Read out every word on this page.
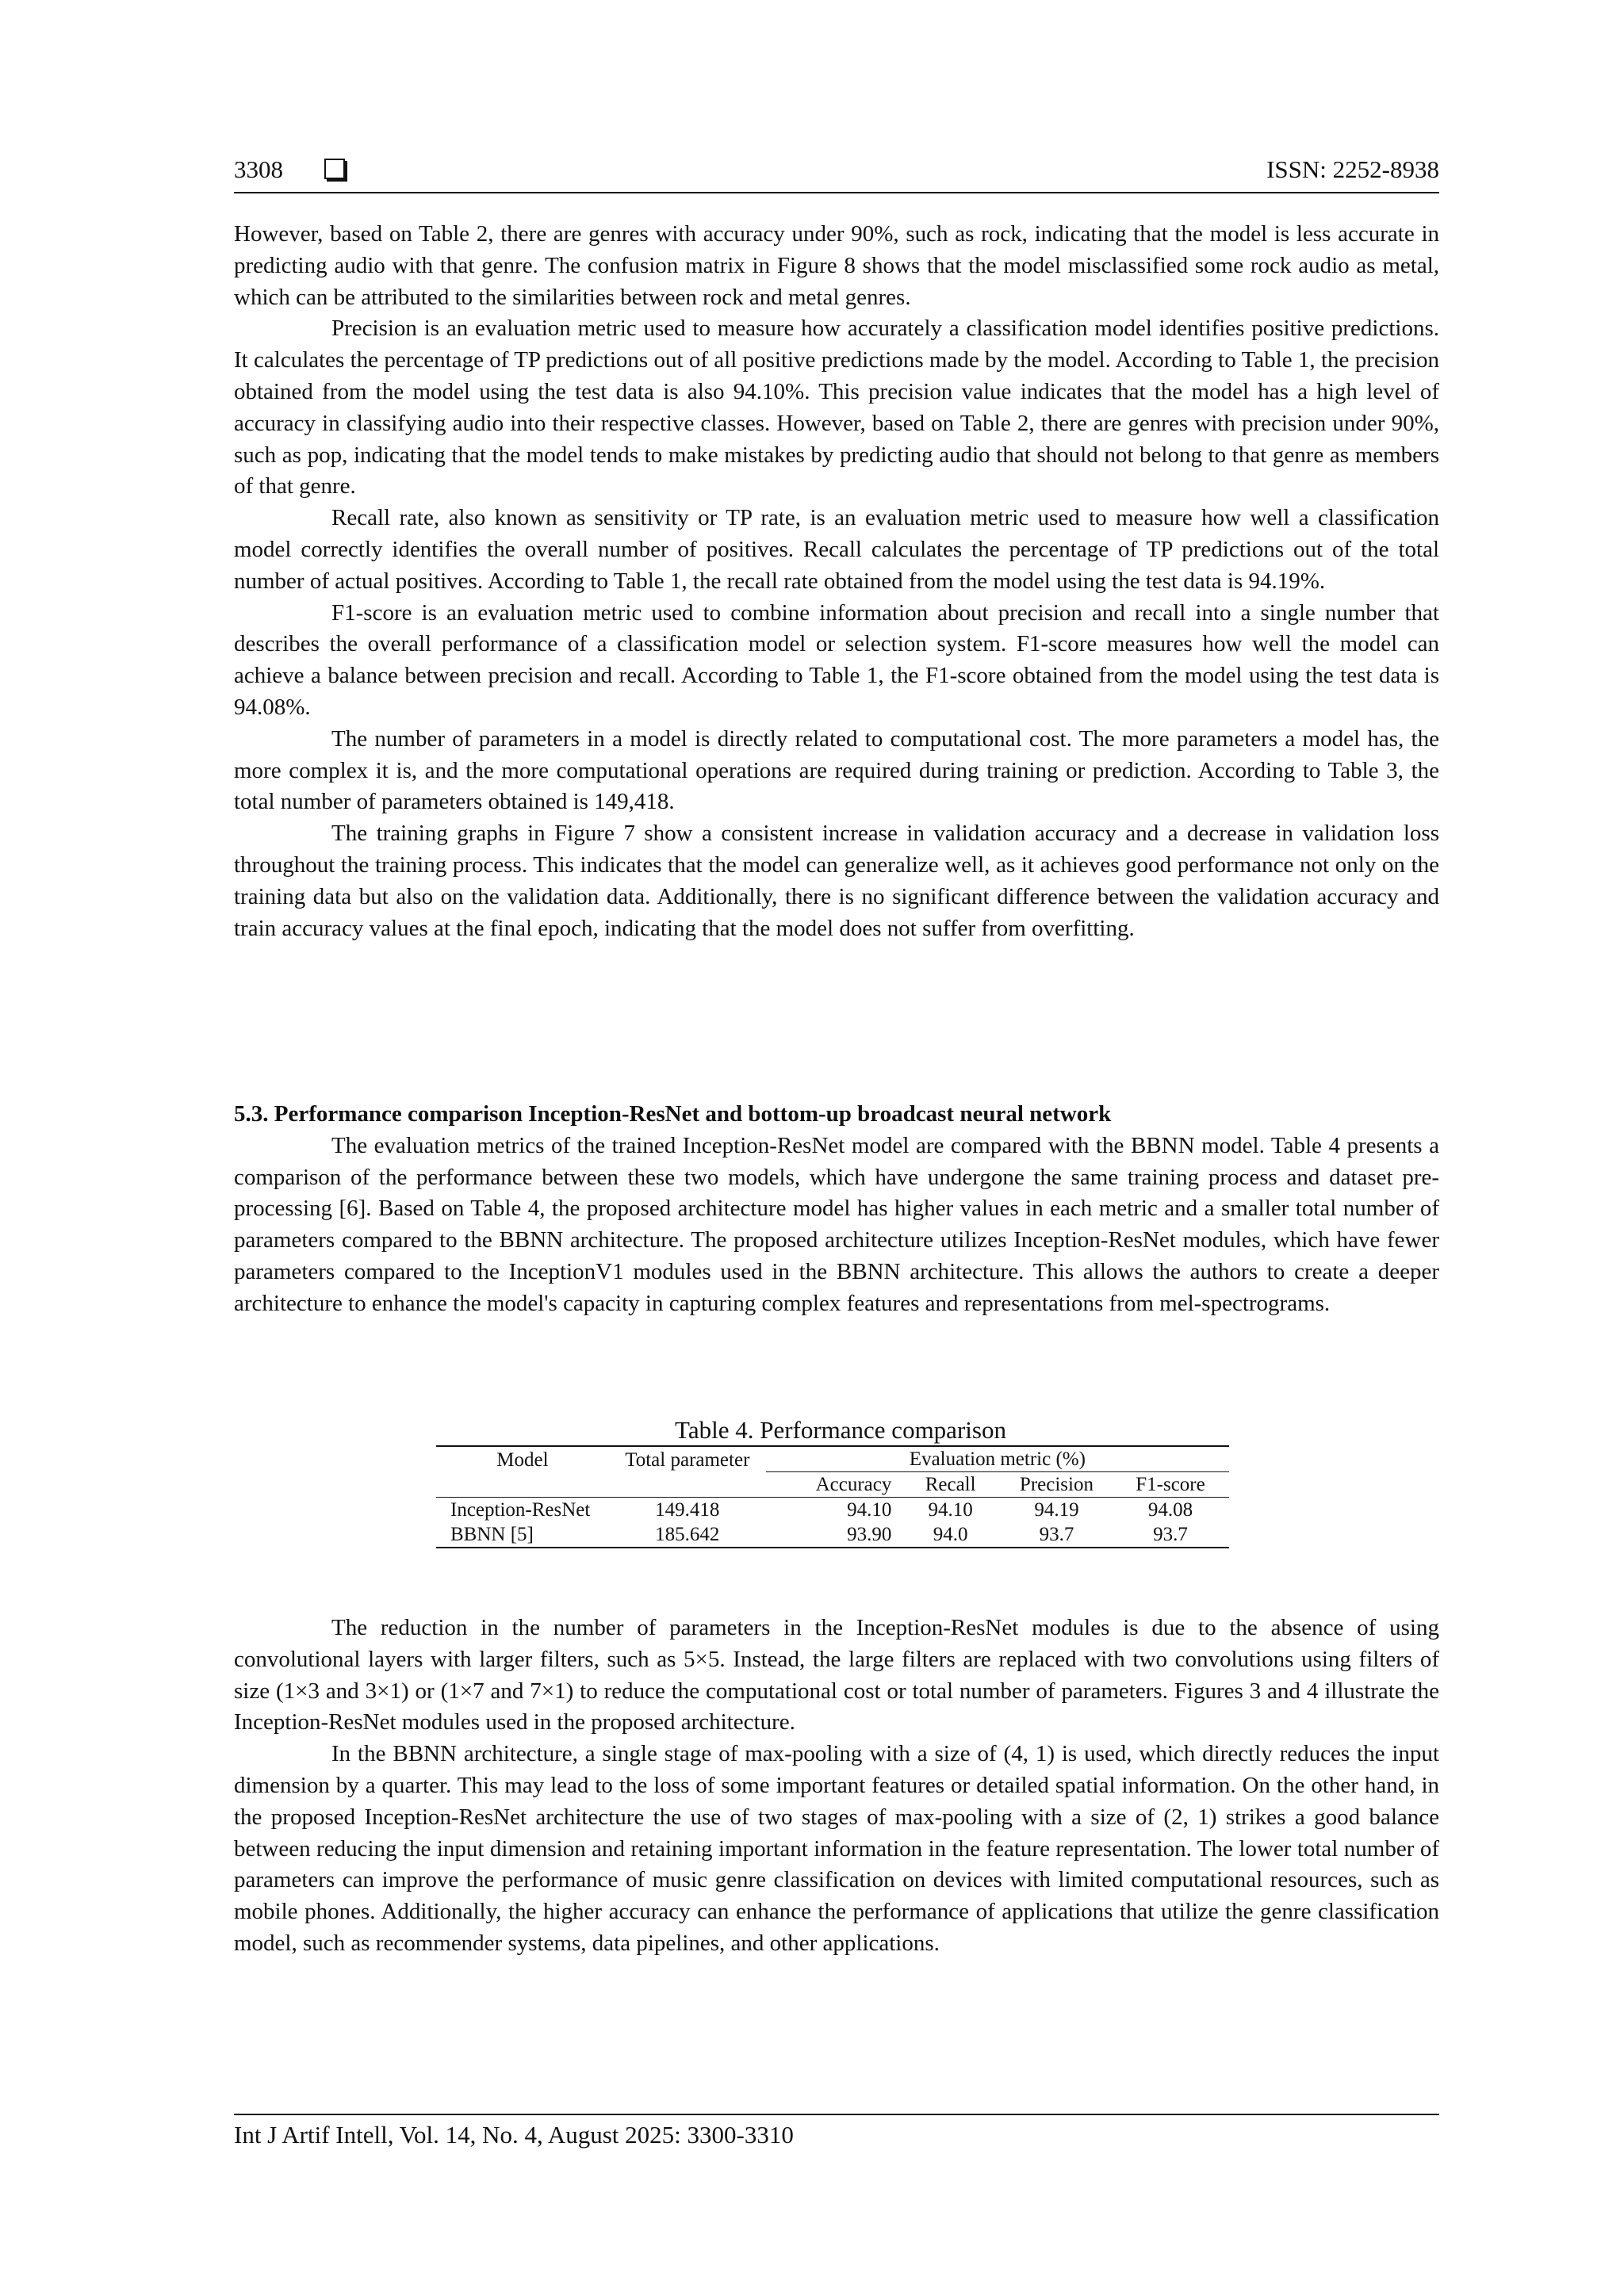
3308	ISSN: 2252-8938

However, based on Table 2, there are genres with accuracy under 90%, such as rock, indicating that the model is less accurate in predicting audio with that genre. The confusion matrix in Figure 8 shows that the model misclassified some rock audio as metal, which can be attributed to the similarities between rock and metal genres.

Precision is an evaluation metric used to measure how accurately a classification model identifies positive predictions. It calculates the percentage of TP predictions out of all positive predictions made by the model. According to Table 1, the precision obtained from the model using the test data is also 94.10%. This precision value indicates that the model has a high level of accuracy in classifying audio into their respective classes. However, based on Table 2, there are genres with precision under 90%, such as pop, indicating that the model tends to make mistakes by predicting audio that should not belong to that genre as members of that genre.

Recall rate, also known as sensitivity or TP rate, is an evaluation metric used to measure how well a classification model correctly identifies the overall number of positives. Recall calculates the percentage of TP predictions out of the total number of actual positives. According to Table 1, the recall rate obtained from the model using the test data is 94.19%.

F1-score is an evaluation metric used to combine information about precision and recall into a single number that describes the overall performance of a classification model or selection system. F1-score measures how well the model can achieve a balance between precision and recall. According to Table 1, the F1-score obtained from the model using the test data is 94.08%.

The number of parameters in a model is directly related to computational cost. The more parameters a model has, the more complex it is, and the more computational operations are required during training or prediction. According to Table 3, the total number of parameters obtained is 149,418.

The training graphs in Figure 7 show a consistent increase in validation accuracy and a decrease in validation loss throughout the training process. This indicates that the model can generalize well, as it achieves good performance not only on the training data but also on the validation data. Additionally, there is no significant difference between the validation accuracy and train accuracy values at the final epoch, indicating that the model does not suffer from overfitting.

5.3. Performance comparison Inception-ResNet and bottom-up broadcast neural network

The evaluation metrics of the trained Inception-ResNet model are compared with the BBNN model. Table 4 presents a comparison of the performance between these two models, which have undergone the same training process and dataset pre-processing [6]. Based on Table 4, the proposed architecture model has higher values in each metric and a smaller total number of parameters compared to the BBNN architecture. The proposed architecture utilizes Inception-ResNet modules, which have fewer parameters compared to the InceptionV1 modules used in the BBNN architecture. This allows the authors to create a deeper architecture to enhance the model's capacity in capturing complex features and representations from mel-spectrograms.

Table 4. Performance comparison
Model	Total parameter	Evaluation metric (%)			
		Accuracy	Recall	Precision	F1-score
Inception-ResNet	149.418	94.10	94.10	94.19	94.08
BBNN [5]	185.642	93.90	94.0	93.7	93.7

The reduction in the number of parameters in the Inception-ResNet modules is due to the absence of using convolutional layers with larger filters, such as 5×5. Instead, the large filters are replaced with two convolutions using filters of size (1×3 and 3×1) or (1×7 and 7×1) to reduce the computational cost or total number of parameters. Figures 3 and 4 illustrate the Inception-ResNet modules used in the proposed architecture.

In the BBNN architecture, a single stage of max-pooling with a size of (4, 1) is used, which directly reduces the input dimension by a quarter. This may lead to the loss of some important features or detailed spatial information. On the other hand, in the proposed Inception-ResNet architecture the use of two stages of max-pooling with a size of (2, 1) strikes a good balance between reducing the input dimension and retaining important information in the feature representation. The lower total number of parameters can improve the performance of music genre classification on devices with limited computational resources, such as mobile phones. Additionally, the higher accuracy can enhance the performance of applications that utilize the genre classification model, such as recommender systems, data pipelines, and other applications.

Int J Artif Intell, Vol. 14, No. 4, August 2025: 3300-3310
